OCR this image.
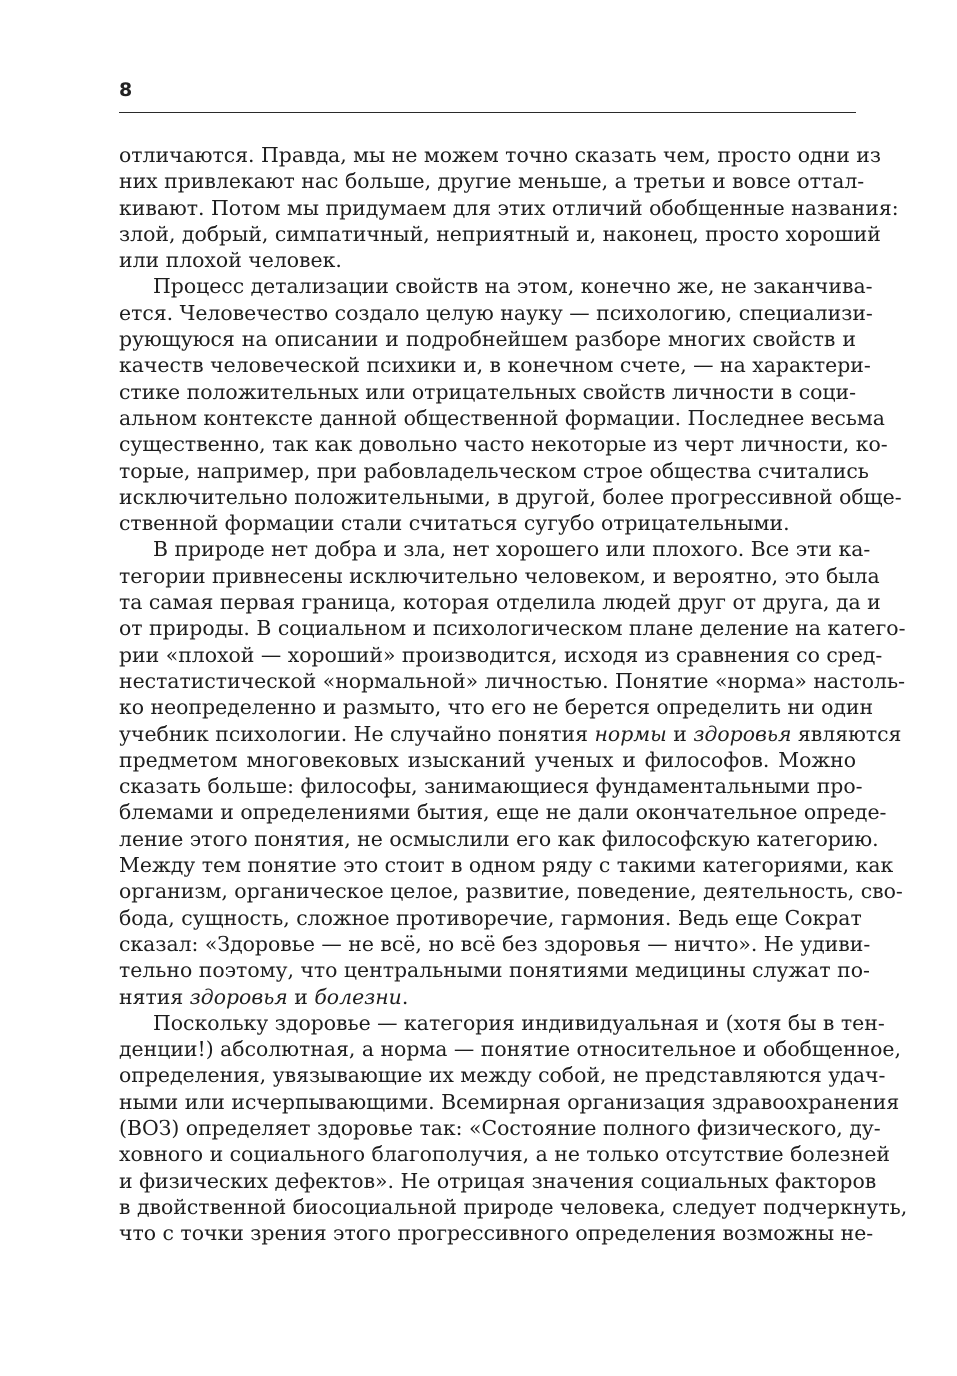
8
отличаются. Правда, мы не можем точно сказать чем, просто одни из
них привлекают нас больше, другие меньше, а третьи и вовсе оттал-
кивают. Потом мы придумаем для этих отличий обобщенные названия:
злой, добрый, симпатичный, неприятный и, наконец, просто хороший
или плохой человек.
Процесс детализации свойств на этом, конечно же, не заканчива-
ется. Человечество создало целую науку — психологию, специализи-
рующуюся на описании и подробнейшем разборе многих свойств и
качеств человеческой психики и, в конечном счете, — на характери-
стике положительных или отрицательных свойств личности в соци-
альном контексте данной общественной формации. Последнее весьма
существенно, так как довольно часто некоторые из черт личности, ко-
торые, например, при рабовладельческом строе общества считались
исключительно положительными, в другой, более прогрессивной обще-
ственной формации стали считаться сугубо отрицательными.
В природе нет добра и зла, нет хорошего или плохого. Все эти ка-
тегории привнесены исключительно человеком, и вероятно, это была
та самая первая граница, которая отделила людей друг от друга, да и
от природы. В социальном и психологическом плане деление на катего-
рии «плохой — хороший» производится, исходя из сравнения со сред-
нестатистической «нормальной» личностью. Понятие «норма» настоль-
ко неопределенно и размыто, что его не берется определить ни один
учебник психологии. Не случайно понятия нормы и здоровья являются
предметом многовековых изысканий ученых и философов. Можно
сказать больше: философы, занимающиеся фундаментальными про-
блемами и определениями бытия, еще не дали окончательное опреде-
ление этого понятия, не осмыслили его как философскую категорию.
Между тем понятие это стоит в одном ряду с такими категориями, как
организм, органическое целое, развитие, поведение, деятельность, сво-
бода, сущность, сложное противоречие, гармония. Ведь еще Сократ
сказал: «Здоровье — не всё, но всё без здоровья — ничто». Не удиви-
тельно поэтому, что центральными понятиями медицины служат по-
нятия здоровья и болезни.
Поскольку здоровье — категория индивидуальная и (хотя бы в тен-
денции!) абсолютная, а норма — понятие относительное и обобщенное,
определения, увязывающие их между собой, не представляются удач-
ными или исчерпывающими. Всемирная организация здравоохранения
(ВОЗ) определяет здоровье так: «Состояние полного физического, ду-
ховного и социального благополучия, а не только отсутствие болезней
и физических дефектов». Не отрицая значения социальных факторов
в двойственной биосоциальной природе человека, следует подчеркнуть,
что с точки зрения этого прогрессивного определения возможны не-
